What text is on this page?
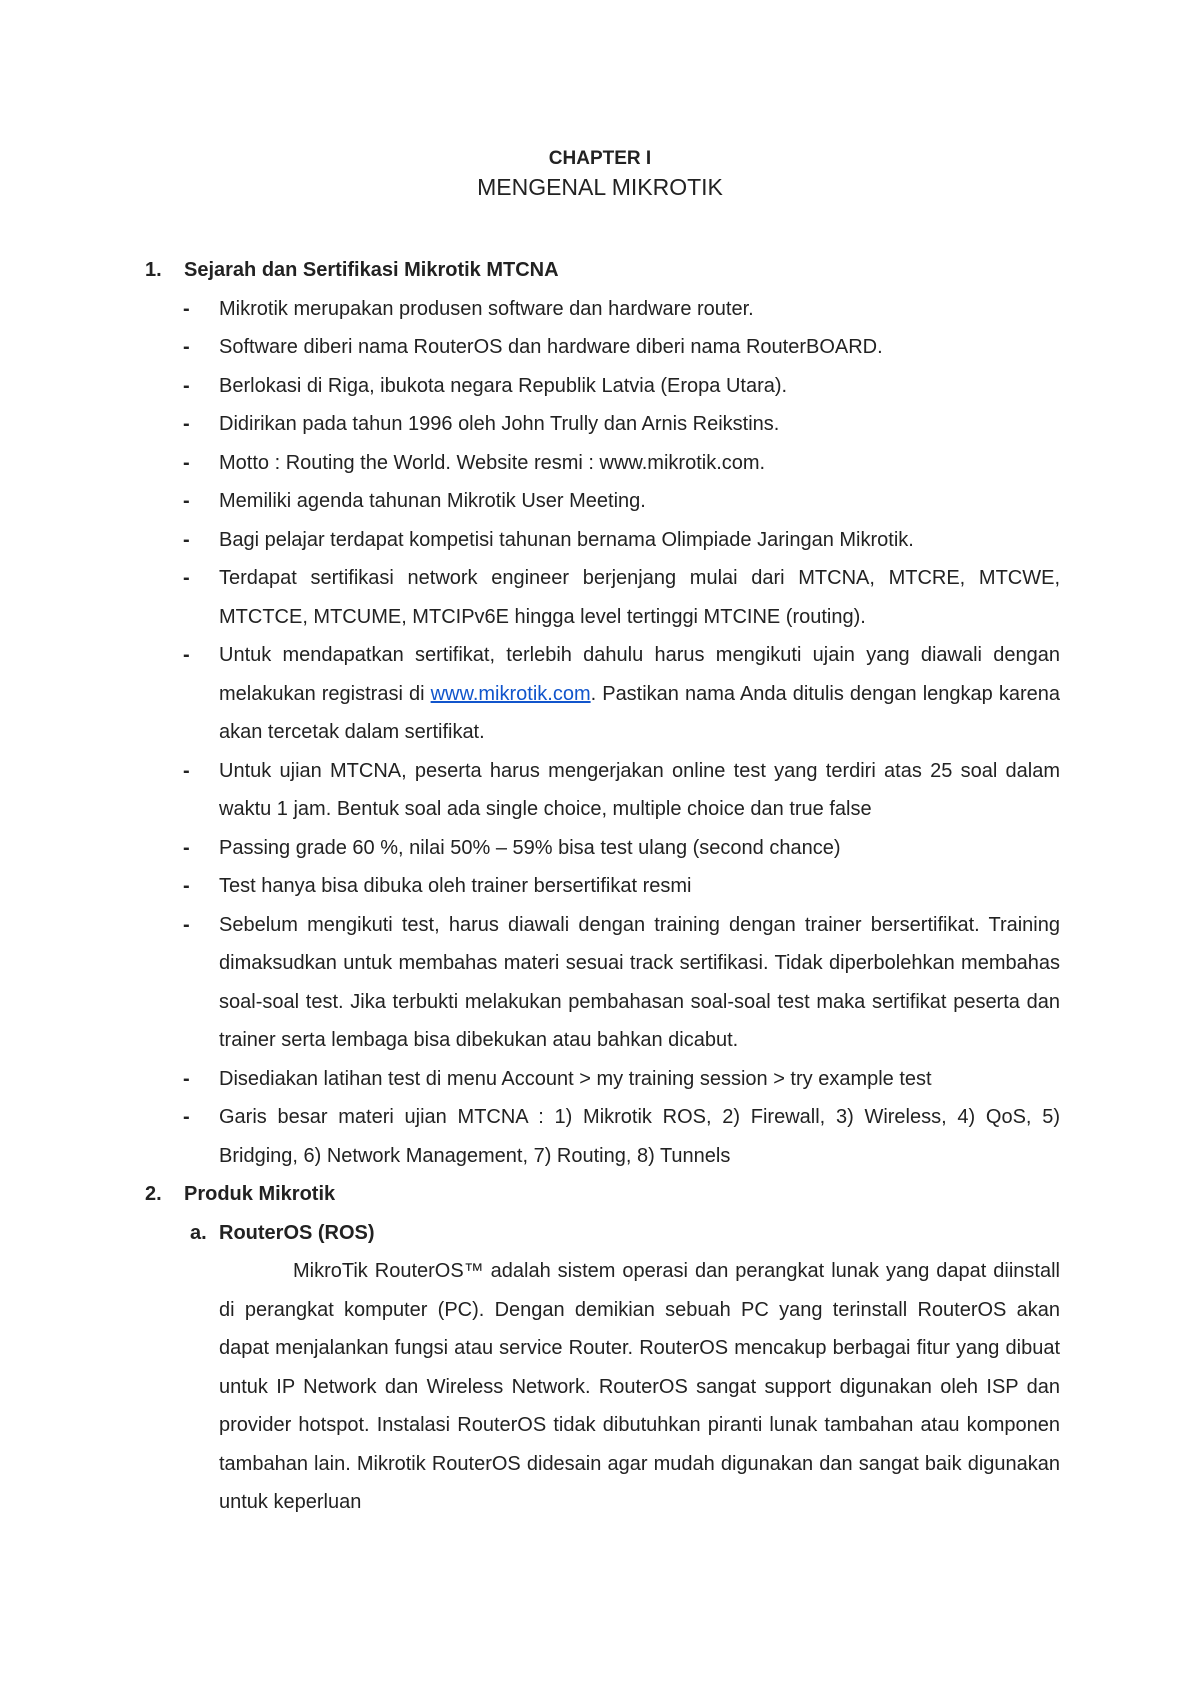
CHAPTER I
MENGENAL MIKROTIK
1. Sejarah dan Sertifikasi Mikrotik MTCNA
- Mikrotik merupakan produsen software dan hardware router.
- Software diberi nama RouterOS dan hardware diberi nama RouterBOARD.
- Berlokasi di Riga, ibukota negara Republik Latvia (Eropa Utara).
- Didirikan pada tahun 1996 oleh John Trully dan Arnis Reikstins.
- Motto : Routing the World. Website resmi : www.mikrotik.com.
- Memiliki agenda tahunan Mikrotik User Meeting.
- Bagi pelajar terdapat kompetisi tahunan bernama Olimpiade Jaringan Mikrotik.
- Terdapat sertifikasi network engineer berjenjang mulai dari MTCNA, MTCRE, MTCWE, MTCTCE, MTCUME, MTCIPv6E hingga level tertinggi MTCINE (routing).
- Untuk mendapatkan sertifikat, terlebih dahulu harus mengikuti ujain yang diawali dengan melakukan registrasi di www.mikrotik.com. Pastikan nama Anda ditulis dengan lengkap karena akan tercetak dalam sertifikat.
- Untuk ujian MTCNA, peserta harus mengerjakan online test yang terdiri atas 25 soal dalam waktu 1 jam. Bentuk soal ada single choice, multiple choice dan true false
- Passing grade 60 %, nilai 50% – 59% bisa test ulang (second chance)
- Test hanya bisa dibuka oleh trainer bersertifikat resmi
- Sebelum mengikuti test, harus diawali dengan training dengan trainer bersertifikat. Training dimaksudkan untuk membahas materi sesuai track sertifikasi. Tidak diperbolehkan membahas soal-soal test. Jika terbukti melakukan pembahasan soal-soal test maka sertifikat peserta dan trainer serta lembaga bisa dibekukan atau bahkan dicabut.
- Disediakan latihan test di menu Account > my training session > try example test
- Garis besar materi ujian MTCNA : 1) Mikrotik ROS, 2) Firewall, 3) Wireless, 4) QoS, 5) Bridging, 6) Network Management, 7) Routing, 8) Tunnels
2. Produk Mikrotik
a. RouterOS (ROS)

MikroTik RouterOS™ adalah sistem operasi dan perangkat lunak yang dapat diinstall di perangkat komputer (PC). Dengan demikian sebuah PC yang terinstall RouterOS akan dapat menjalankan fungsi atau service Router. RouterOS mencakup berbagai fitur yang dibuat untuk IP Network dan Wireless Network. RouterOS sangat support digunakan oleh ISP dan provider hotspot. Instalasi RouterOS tidak dibutuhkan piranti lunak tambahan atau komponen tambahan lain. Mikrotik RouterOS didesain agar mudah digunakan dan sangat baik digunakan untuk keperluan
